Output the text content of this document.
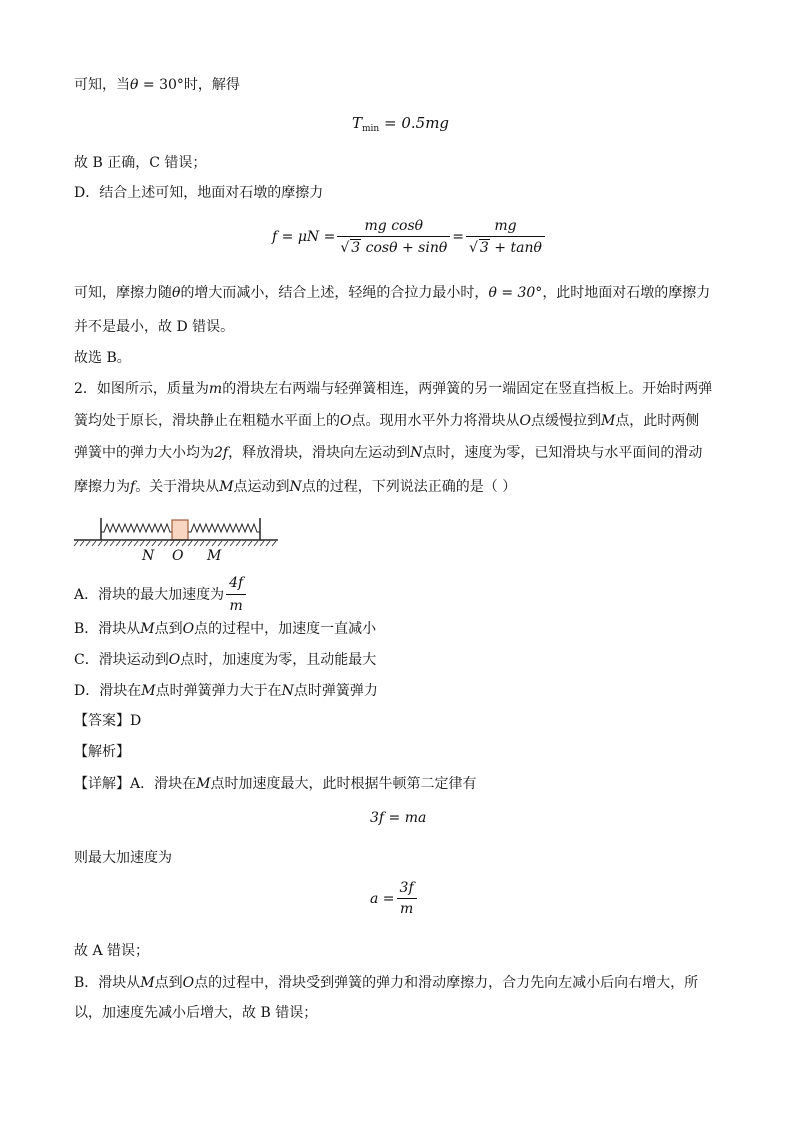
可知，当θ = 30°时，解得
$T_{min} = 0.5mg$
故 B 正确，C 错误；
D．结合上述可知，地面对石墩的摩擦力
$f = \mu N = \frac{\text{mg cosθ}}{√ 3 \cos\theta + \sin\theta} = \frac{mg}{√ 3 + \tan\theta}$
可知，摩擦力随θ的增大而减小，结合上述，轻绳的合拉力最小时，θ = 30°，此时地面对石墩的摩擦力
并不是最小，故 D 错误。
故选 B。
2．如图所示，质量为m的滑块左右两端与轻弹簧相连，两弹簧的另一端固定在竖直挡板上。开始时两弹
簧均处于原长，滑块静止在粗糙水平面上的O点。现用水平外力将滑块从O点缓慢拉到M点，此时两侧
弹簧中的弹力大小均为2f，释放滑块，滑块向左运动到N点时，速度为零，已知滑块与水平面间的滑动
摩擦力为f。关于滑块从M点运动到N点的过程，下列说法正确的是（ ）
N O M
A．滑块的最大加速度为 $\frac{4f}{m}$
B．滑块从M点到O点的过程中，加速度一直减小
C．滑块运动到O点时，加速度为零，且动能最大
D．滑块在M点时弹簧弹力大于在N点时弹簧弹力
【答案】D
【解析】
【详解】A．滑块在M点时加速度最大，此时根据牛顿第二定律有
3f = ma
则最大加速度为
$a = \frac{3f}{m}$
故 A 错误；
B．滑块从M点到O点的过程中，滑块受到弹簧的弹力和滑动摩擦力，合力先向左减小后向右增大，所
以，加速度先减小后增大，故 B 错误；
